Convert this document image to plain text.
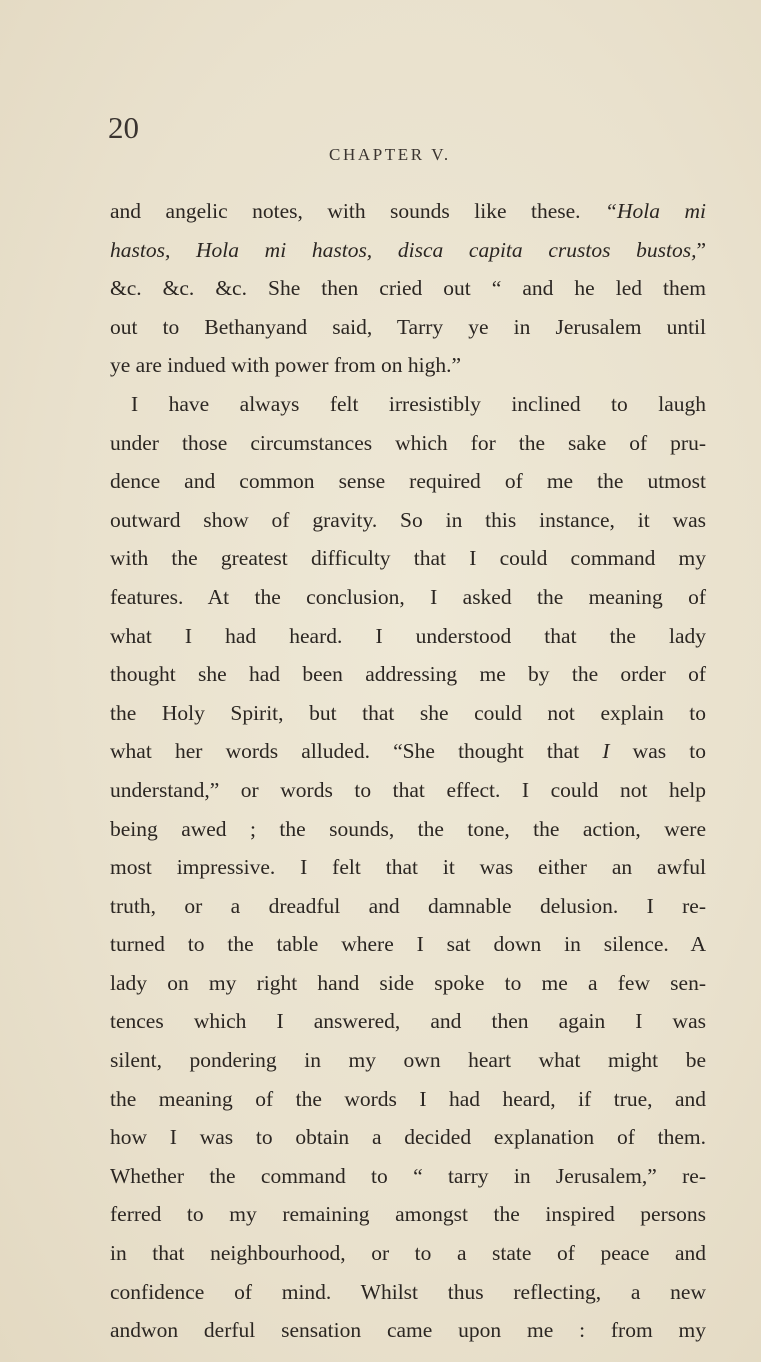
20
CHAPTER V.
and angelic notes, with sounds like these. “Hola mi
hastos, Hola mi hastos, disca capita crustos bustos,”
&c. &c. &c. She then cried out “ and he led them
out to Bethanyand said, Tarry ye in Jerusalem until
ye are indued with power from on high.”
I have always felt irresistibly inclined to laugh
under those circumstances which for the sake of pru-
dence and common sense required of me the utmost
outward show of gravity. So in this instance, it was
with the greatest difficulty that I could command my
features. At the conclusion, I asked the meaning of
what I had heard. I understood that the lady
thought she had been addressing me by the order of
the Holy Spirit, but that she could not explain to
what her words alluded. “She thought that I was to
understand,” or words to that effect. I could not help
being awed ; the sounds, the tone, the action, were
most impressive. I felt that it was either an awful
truth, or a dreadful and damnable delusion. I re-
turned to the table where I sat down in silence. A
lady on my right hand side spoke to me a few sen-
tences which I answered, and then again I was
silent, pondering in my own heart what might be
the meaning of the words I had heard, if true, and
how I was to obtain a decided explanation of them.
Whether the command to “ tarry in Jerusalem,” re-
ferred to my remaining amongst the inspired persons
in that neighbourhood, or to a state of peace and
confidence of mind. Whilst thus reflecting, a new
andwon derful sensation came upon me : from my
